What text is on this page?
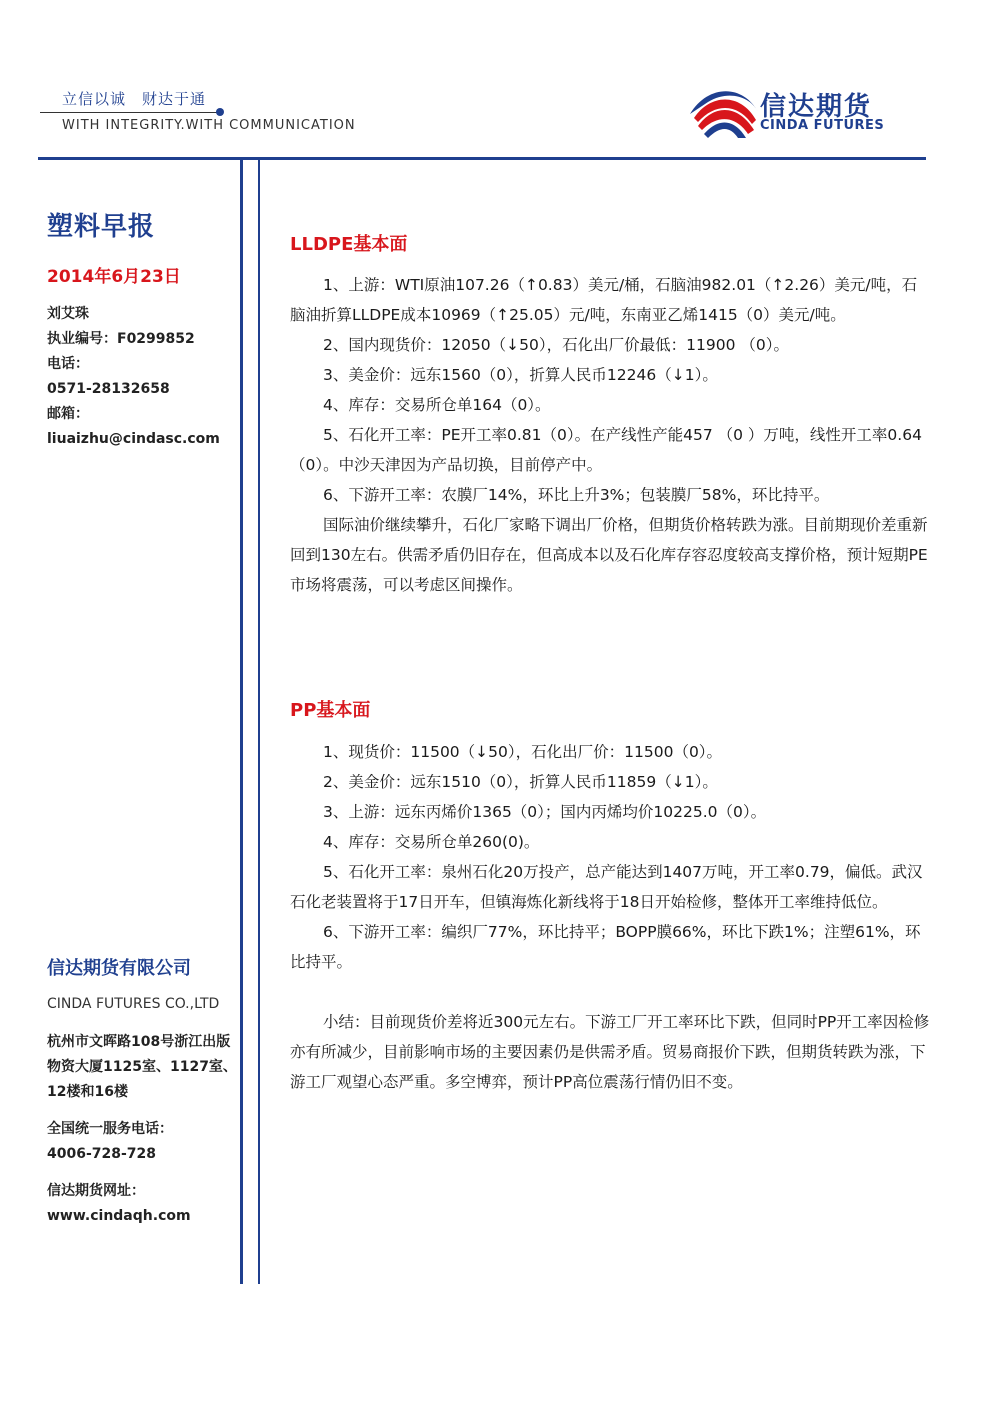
立信以诚　财达于通
WITH INTEGRITY.WITH COMMUNICATION
信达期货
CINDA FUTURES
塑料早报
2014年6月23日
刘艾珠
执业编号：F0299852
电话：
0571-28132658
邮箱：
liuaizhu@cindasc.com
信达期货有限公司
CINDA FUTURES CO.,LTD
杭州市文晖路108号浙江出版
物资大厦1125室、1127室、
12楼和16楼
全国统一服务电话：
4006-728-728
信达期货网址：
www.cindaqh.com
LLDPE基本面

1、上游：WTI原油107.26（↑0.83）美元/桶，石脑油982.01（↑2.26）美元/吨，石脑油折算LLDPE成本10969（↑25.05）元/吨，东南亚乙烯1415（0）美元/吨。

2、国内现货价：12050（↓50），石化出厂价最低：11900 （0）。

3、美金价：远东1560（0），折算人民币12246（↓1）。

4、库存：交易所仓单164（0）。

5、石化开工率：PE开工率0.81（0）。在产线性产能457 （0 ）万吨，线性开工率0.64（0）。中沙天津因为产品切换，目前停产中。

6、下游开工率：农膜厂14%，环比上升3%；包装膜厂58%，环比持平。

国际油价继续攀升，石化厂家略下调出厂价格，但期货价格转跌为涨。目前期现价差重新回到130左右。供需矛盾仍旧存在，但高成本以及石化库存容忍度较高支撑价格，预计短期PE市场将震荡，可以考虑区间操作。

PP基本面

1、现货价：11500（↓50），石化出厂价：11500（0）。

2、美金价：远东1510（0），折算人民币11859（↓1）。

3、上游：远东丙烯价1365（0）；国内丙烯均价10225.0（0）。

4、库存：交易所仓单260(0)。

5、石化开工率：泉州石化20万投产，总产能达到1407万吨，开工率0.79，偏低。武汉石化老装置将于17日开车，但镇海炼化新线将于18日开始检修，整体开工率维持低位。

6、下游开工率：编织厂77%，环比持平；BOPP膜66%，环比下跌1%；注塑61%，环比持平。

小结：目前现货价差将近300元左右。下游工厂开工率环比下跌，但同时PP开工率因检修亦有所减少，目前影响市场的主要因素仍是供需矛盾。贸易商报价下跌，但期货转跌为涨，下游工厂观望心态严重。多空博弈，预计PP高位震荡行情仍旧不变。
